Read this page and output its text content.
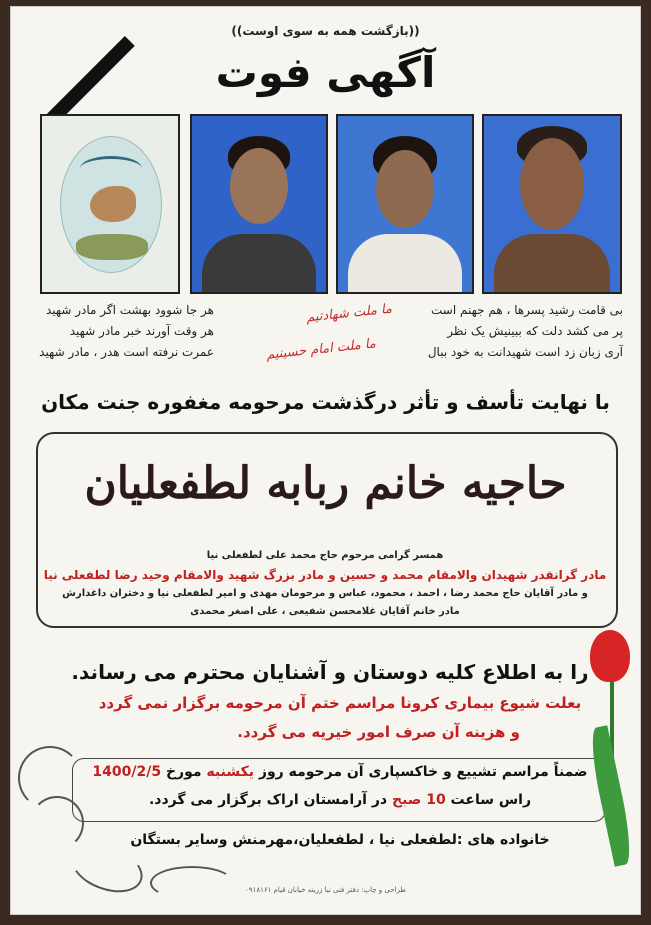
((بازگشت همه به سوی اوست))
آگهی فوت
بی قامت رشید پسرها ، هم جهنم است
پر می کشد دلت که ببینیش یک نظر
آری زبان زد است شهیدانت به خود ببال
هر جا شوود بهشت اگر مادر شهید
هر وقت آورند خبر مادر شهید
عمرت نرفته است هدر ، مادر شهید
ما ملت شهادتیم
ما ملت امام حسینیم
با نهایت تأسف و تأثر درگذشت مرحومه مغفوره جنت مکان
حاجیه خانم ربابه لطفعلیان
همسر گرامی مرحوم حاج محمد علی لطفعلی نیا
مادر گرانقدر شهیدان والامقام محمد و حسین و مادر بزرگ شهید والامقام وحید رضا لطفعلی نیا
و مادر آقایان حاج محمد رضا ، احمد ، محمود، عباس و مرحومان مهدی و امیر لطفعلی نیا و دختران داغدارش
مادر خانم آقایان غلامحسن شفیعی ، علی اصغر محمدی
را به اطلاع کلیه دوستان و آشنایان محترم می رساند.
بعلت شیوع بیماری کرونا مراسم ختم آن مرحومه برگزار نمی گردد
و هزینه آن صرف امور خیریه می گردد.
ضمناً مراسم تشییع و خاکسپاری آن مرحومه روز یکشنبه مورخ 1400/2/5
راس ساعت 10 صبح در آرامستان اراک برگزار می گردد.
خانواده های :لطفعلی نیا ، لطفعلیان،مهرمنش وسایر بستگان
طراحی و چاپ: دفتر فنی نیا زرینه خیابان قیام ۰۹۱۸۱۶۱
